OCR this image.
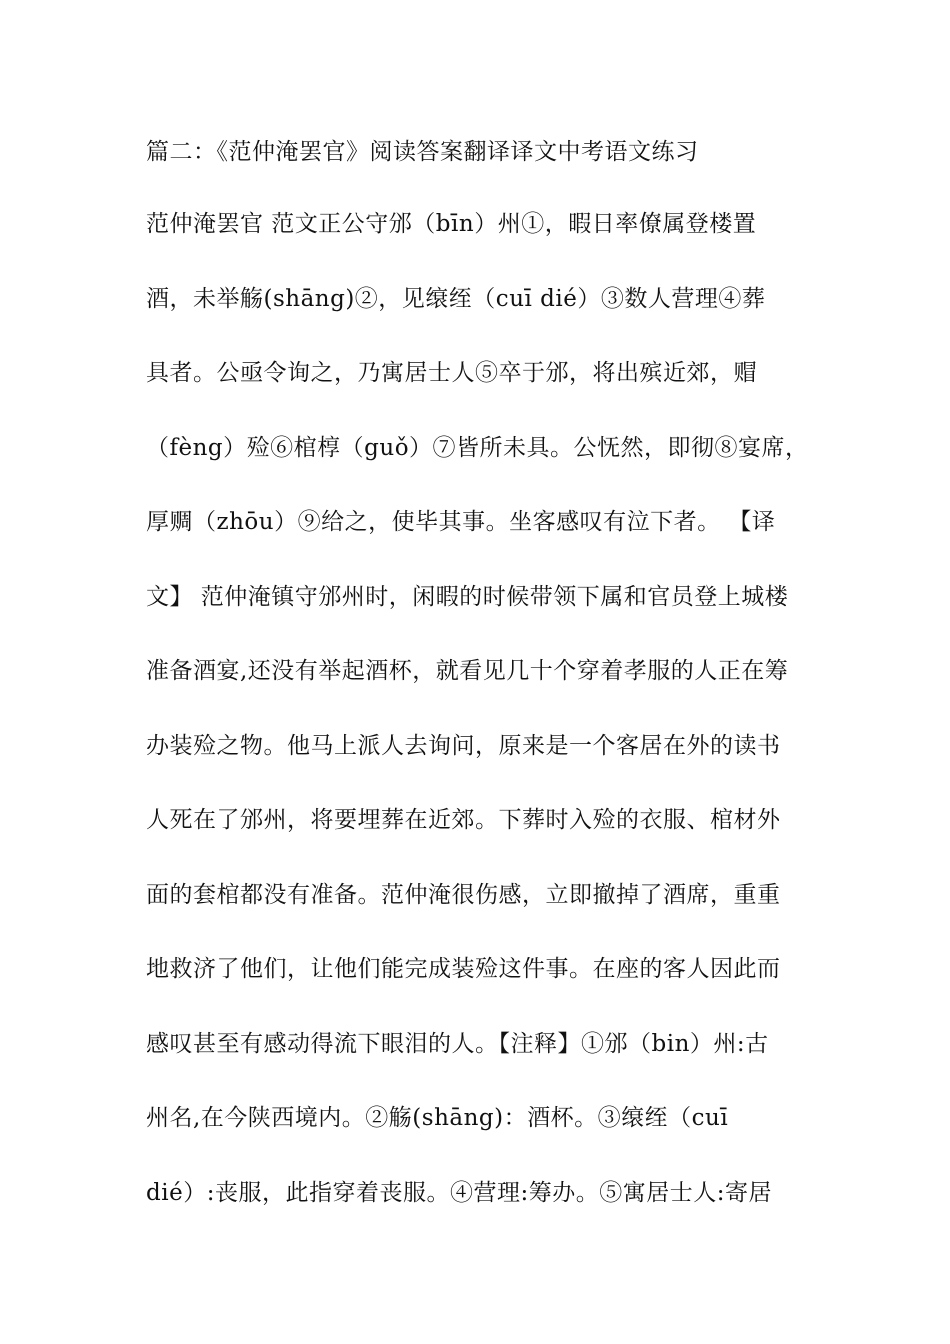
篇二：《范仲淹罢官》阅读答案翻译译文中考语文练习
范仲淹罢官 范文正公守邠（bīn）州①，暇日率僚属登楼置
酒，未举觞(shāng)②，见缞绖（cuī dié）③数人营理④葬
具者。公亟令询之，乃寓居士人⑤卒于邠，将出殡近郊，赗
（fèng）殓⑥棺椁（guǒ）⑦皆所未具。公怃然，即彻⑧宴席，
厚赒（zhōu）⑨给之，使毕其事。坐客感叹有泣下者。 【译
文】 范仲淹镇守邠州时，闲暇的时候带领下属和官员登上城楼
准备酒宴,还没有举起酒杯，就看见几十个穿着孝服的人正在筹
办装殓之物。他马上派人去询问，原来是一个客居在外的读书
人死在了邠州，将要埋葬在近郊。下葬时入殓的衣服、棺材外
面的套棺都没有准备。范仲淹很伤感，立即撤掉了酒席，重重
地救济了他们，让他们能完成装殓这件事。在座的客人因此而
感叹甚至有感动得流下眼泪的人。【注释】①邠（bin）州:古
州名,在今陕西境内。②觞(shāng)：酒杯。③缞绖（cuī
dié）:丧服，此指穿着丧服。④营理:筹办。⑤寓居士人:寄居
